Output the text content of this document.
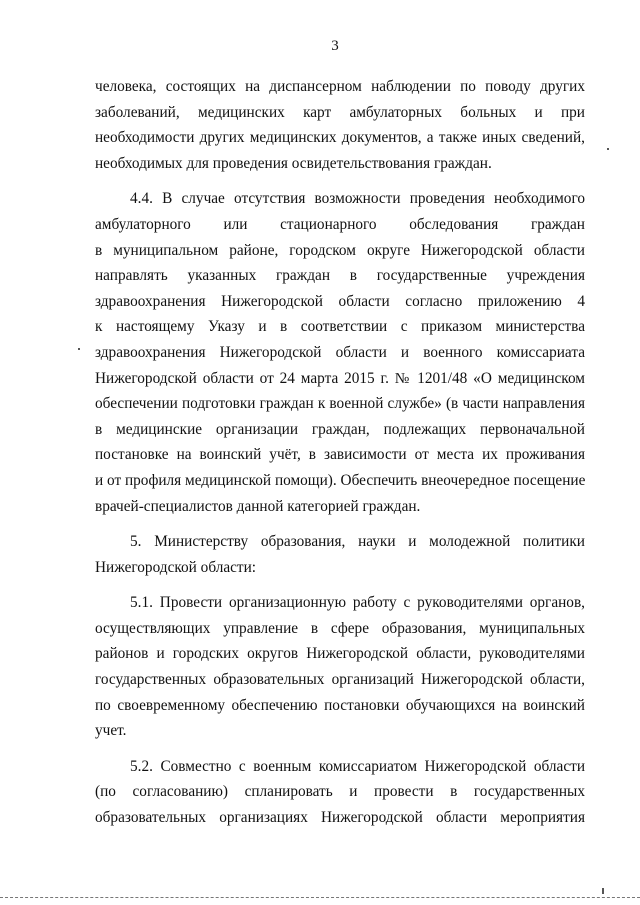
3
человека, состоящих на диспансерном наблюдении по поводу других
заболеваний, медицинских карт амбулаторных больных и при
необходимости других медицинских документов, а также иных сведений,
необходимых для проведения освидетельствования граждан.
4.4. В случае отсутствия возможности проведения необходимого
амбулаторного или стационарного обследования граждан
в муниципальном районе, городском округе Нижегородской области
направлять указанных граждан в государственные учреждения
здравоохранения Нижегородской области согласно приложению 4
к настоящему Указу и в соответствии с приказом министерства
здравоохранения Нижегородской области и военного комиссариата
Нижегородской области от 24 марта 2015 г. № 1201/48 «О медицинском
обеспечении подготовки граждан к военной службе» (в части направления
в медицинские организации граждан, подлежащих первоначальной
постановке на воинский учёт, в зависимости от места их проживания
и от профиля медицинской помощи). Обеспечить внеочередное посещение
врачей-специалистов данной категорией граждан.
5. Министерству образования, науки и молодежной политики
Нижегородской области:
5.1. Провести организационную работу с руководителями органов,
осуществляющих управление в сфере образования, муниципальных
районов и городских округов Нижегородской области, руководителями
государственных образовательных организаций Нижегородской области,
по своевременному обеспечению постановки обучающихся на воинский
учет.
5.2. Совместно с военным комиссариатом Нижегородской области
(по согласованию) спланировать и провести в государственных
образовательных организациях Нижегородской области мероприятия
